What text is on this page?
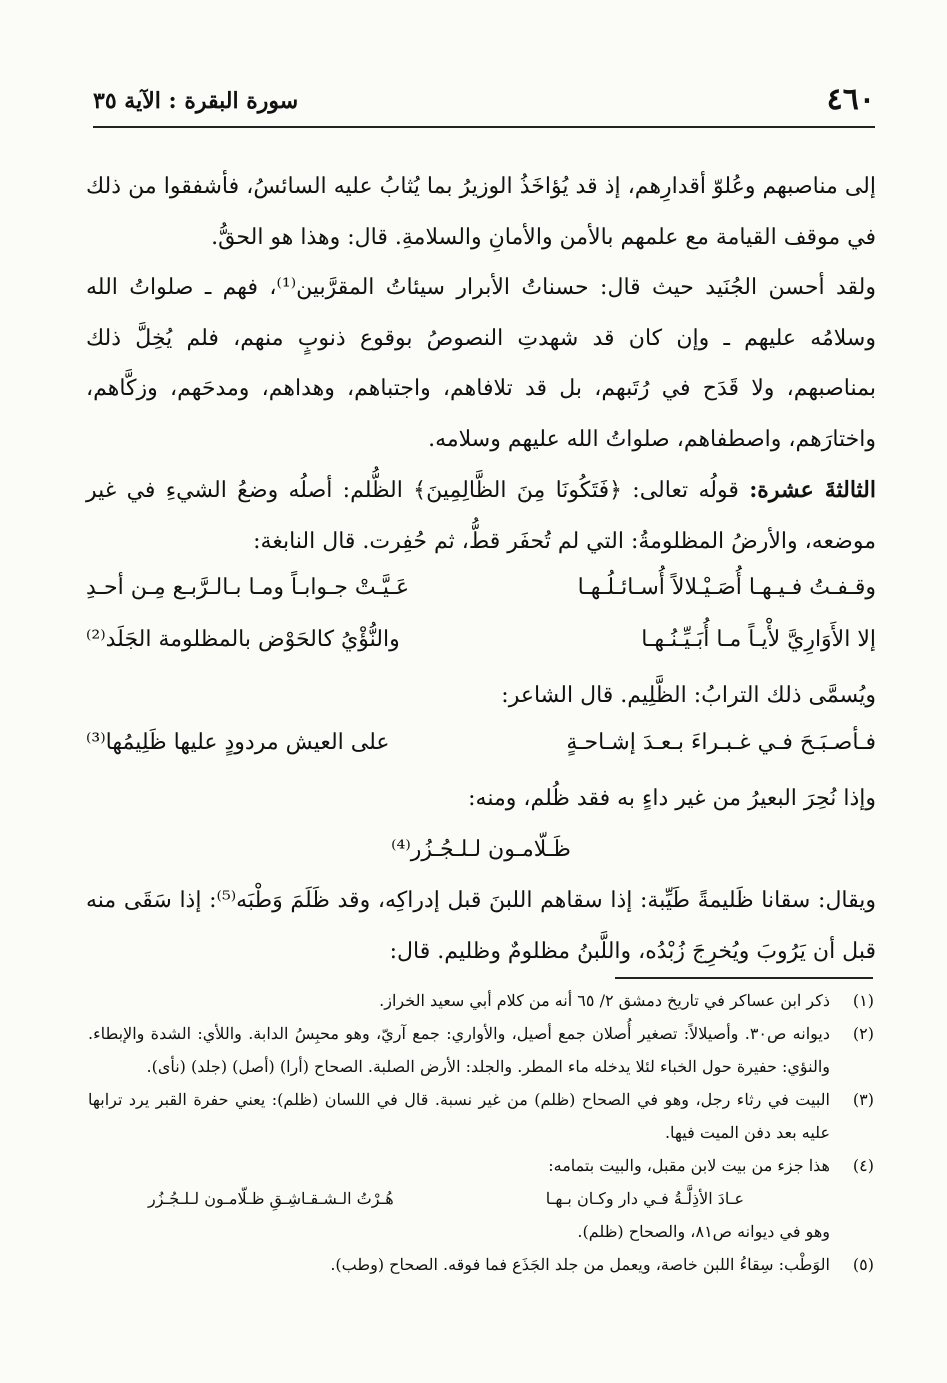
٤٦٠
سورة البقرة : الآية ٣٥

إلى مناصبهم وعُلوّ أقدارِهم، إذ قد يُؤاخَذُ الوزيرُ بما يُثابُ عليه السائسُ، فأشفقوا من ذلك في موقف القيامة مع علمهم بالأمن والأمانِ والسلامةِ. قال: وهذا هو الحقُّ.

ولقد أحسن الجُنَيد حيث قال: حسناتُ الأبرار سيئاتُ المقرَّبين⁽¹⁾، فهم ـ صلواتُ الله وسلامُه عليهم ـ وإن كان قد شهدتِ النصوصُ بوقوع ذنوبٍ منهم، فلم يُخِلَّ ذلك بمناصبهم، ولا قَدَح في رُتَبهم، بل قد تلافاهم، واجتباهم، وهداهم، ومدحَهم، وزكَّاهم، واختارَهم، واصطفاهم، صلواتُ الله عليهم وسلامه.

الثالثةَ عشرة: قولُه تعالى: ﴿فَتَكُونَا مِنَ الظَّالِمِينَ﴾ الظُّلم: أصلُه وضعُ الشيءِ في غير موضعه، والأرضُ المظلومةُ: التي لم تُحفَر قطُّ، ثم حُفِرت. قال النابغة:

وقـفـتُ فـيـهـا أُصَـيْـلالاً أُسـائـلُـهـا
عَـيَّـتْ جـوابـاً ومـا بـالـرَّبـع مِـن أحـدِ
إلا الأَوَارِيَّ لأْيـاً مـا أُبَـيِّـنُـهـا
والنُّؤْيُ كالحَوْض بالمظلومة الجَلَد⁽²⁾

ويُسمَّى ذلك الترابُ: الظَّلِيم. قال الشاعر:

فـأصـبَـحَ فـي غـبـراءَ بـعـدَ إشـاحـةٍ
على العيش مردودٍ عليها ظَلِيمُها⁽³⁾

وإذا نُحِرَ البعيرُ من غير داءٍ به فقد ظُلم، ومنه:

ظَـلّامـون لـلـجُـزُر⁽⁴⁾

ويقال: سقانا ظَليمةً طَيِّبة: إذا سقاهم اللبنَ قبل إدراكِه، وقد ظَلَمَ وَطْبَه⁽⁵⁾: إذا سَقَى منه قبل أن يَرُوبَ ويُخرِجَ زُبْدُه، واللَّبنُ مظلومٌ وظليم. قال:

(١)
ذكر ابن عساكر في تاريخ دمشق ٢/ ٦٥ أنه من كلام أبي سعيد الخراز.

(٢)
ديوانه ص٣٠. وأصيلالاً: تصغير أُصلان جمع أصيل، والأواري: جمع آريّ، وهو محبِسُ الدابة. واللأي: الشدة والإبطاء. والنؤي: حفيرة حول الخباء لئلا يدخله ماء المطر. والجلد: الأرض الصلبة. الصحاح (أرا) (أصل) (جلد) (نأى).

(٣)
البيت في رثاء رجل، وهو في الصحاح (ظلم) من غير نسبة. قال في اللسان (ظلم): يعني حفرة القبر يرد ترابها عليه بعد دفن الميت فيها.

(٤)
هذا جزء من بيت لابن مقبل، والبيت بتمامه:

عـادَ الأذِلَّـةُ فـي دار وكـان بـهـا
هُـرْتُ الـشـقـاشِـقِ ظـلّامـون لـلـجُـزُر

وهو في ديوانه ص٨١، والصحاح (ظلم).

(٥)
الوَطْب: سِقاءُ اللبن خاصة، ويعمل من جلد الجَذَع فما فوقه. الصحاح (وطب).
